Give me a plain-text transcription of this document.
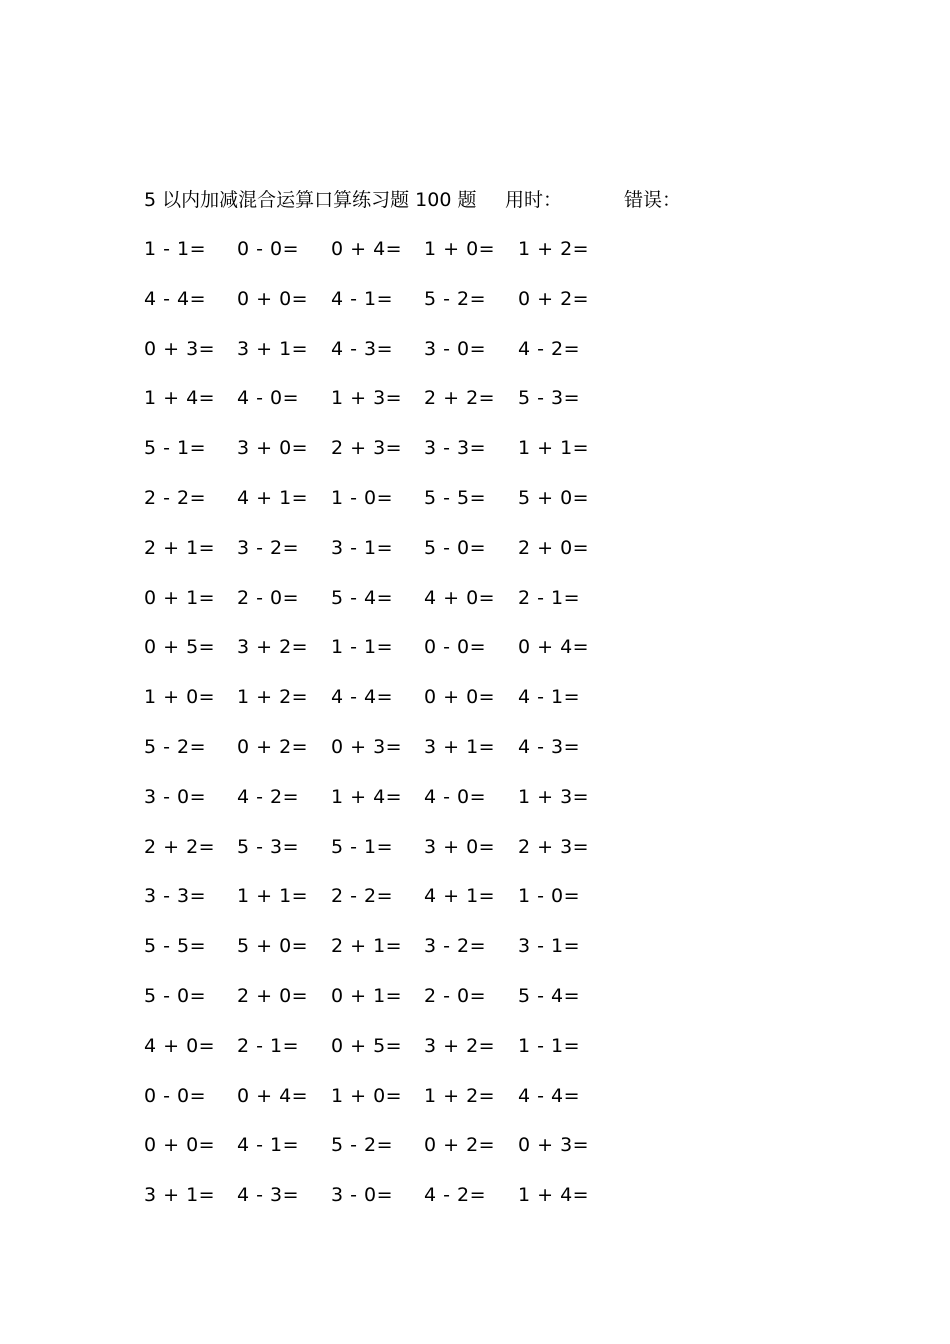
5 以内加减混合运算口算练习题 100 题 用时：	错误：
1 - 1= 0 - 0= 0 + 4= 1 + 0= 1 + 2=
4 - 4= 0 + 0= 4 - 1= 5 - 2= 0 + 2=
0 + 3= 3 + 1= 4 - 3= 3 - 0= 4 - 2=
1 + 4= 4 - 0= 1 + 3= 2 + 2= 5 - 3=
5 - 1= 3 + 0= 2 + 3= 3 - 3= 1 + 1=
2 - 2= 4 + 1= 1 - 0= 5 - 5= 5 + 0=
2 + 1= 3 - 2= 3 - 1= 5 - 0= 2 + 0=
0 + 1= 2 - 0= 5 - 4= 4 + 0= 2 - 1=
0 + 5= 3 + 2= 1 - 1= 0 - 0= 0 + 4=
1 + 0= 1 + 2= 4 - 4= 0 + 0= 4 - 1=
5 - 2= 0 + 2= 0 + 3= 3 + 1= 4 - 3=
3 - 0= 4 - 2= 1 + 4= 4 - 0= 1 + 3=
2 + 2= 5 - 3= 5 - 1= 3 + 0= 2 + 3=
3 - 3= 1 + 1= 2 - 2= 4 + 1= 1 - 0=
5 - 5= 5 + 0= 2 + 1= 3 - 2= 3 - 1=
5 - 0= 2 + 0= 0 + 1= 2 - 0= 5 - 4=
4 + 0= 2 - 1= 0 + 5= 3 + 2= 1 - 1=
0 - 0= 0 + 4= 1 + 0= 1 + 2= 4 - 4=
0 + 0= 4 - 1= 5 - 2= 0 + 2= 0 + 3=
3 + 1= 4 - 3= 3 - 0= 4 - 2= 1 + 4=
